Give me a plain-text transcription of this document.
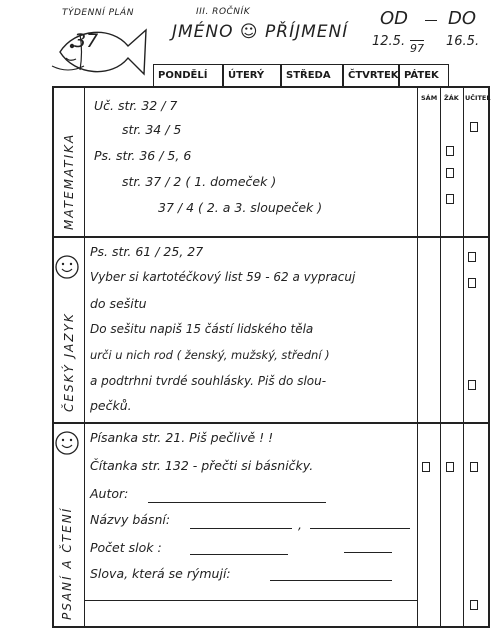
TÝDENNÍ PLÁN	III. ROČNÍK
JMÉNO ☺ PŘÍJMENÍ
37
OD DO
12.5. 97 16.5.
PONDĚLÍ ÚTERÝ STŘEDA ČTVRTEK PÁTEK
SÁM ŽÁK UČITEL
MATEMATIKA
ČESKÝ JAZYK
PSANÍ A ČTENÍ
Uč. str. 32 / 7
str. 34 / 5
Ps. str. 36 / 5, 6
str. 37 / 2 ( 1. domeček )
37 / 4 ( 2. a 3. sloupeček )
Ps. str. 61 / 25, 27
Vyber si kartotéčkový list 59 - 62 a vypracuj
do sešitu
Do sešitu napiš 15 částí lidského těla
urči u nich rod ( ženský, mužský, střední )
a podtrhni tvrdé souhlásky. Piš do slou-
pečků.
Písanka str. 21. Piš pečlivě ! !
Čítanka str. 132 - přečti si básničky.
Autor:
Názvy básní:	,
Počet slok :
Slova, která se rýmují:
